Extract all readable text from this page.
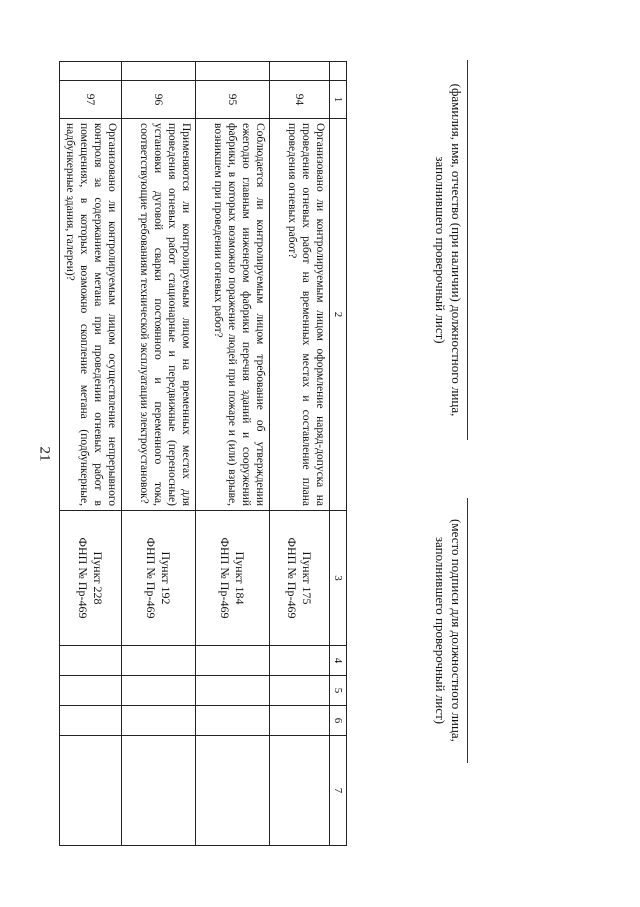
21
	1	2	3	4	5	6	7
	94	Организовано ли контролируемым лицом оформление наряд-допуска на проведение огневых работ на временных местах и составление плана проведения огневых работ?	Пункт 175
ФНП № Пр-469				

	95	Соблюдается ли контролируемым лицом требование об утверждении ежегодно главным инженером фабрики перечня зданий и сооружений фабрики, в которых возможно поражение людей при пожаре и (или) взрыве, возникшем при проведении огневых работ?	Пункт 184
ФНП № Пр-469				

	96	Применяются ли контролируемым лицом на временных местах для проведения огневых работ стационарные и передвижные (переносные) установки дуговой сварки постоянного и переменного тока, соответствующие требованиям технической эксплуатации электроустановок?	Пункт 192
ФНП № Пр-469				

	97	Организовано ли контролируемым лицом осуществление непрерывного контроля за содержанием метана при проведении огневых работ в помещениях, в которых возможно скопление метана (подбункерные, надбункерные здания, галереи)?	Пункт 228
ФНП № Пр-469				

(фамилия, имя, отчество (при наличии) должностного лица, заполнившего проверочный лист)
(место подписи для должностного лица, заполнившего проверочный лист)
